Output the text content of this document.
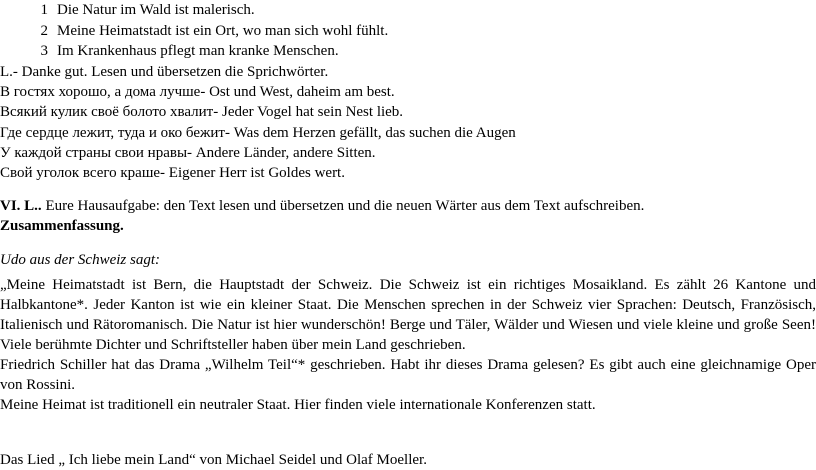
1 Die Natur im Wald ist malerisch.
2 Meine Heimatstadt ist ein Ort, wo man sich wohl fühlt.
3 Im Krankenhaus pflegt man kranke Menschen.
L.- Danke gut. Lesen und übersetzen die Sprichwörter.
В гостях хорошо, а дома лучше- Ost und West, daheim am best.
Всякий кулик своё болото хвалит- Jeder Vogel hat sein Nest lieb.
Где сердце лежит, туда и око бежит- Was dem Herzen gefällt, das suchen die Augen
У каждой страны свои нравы- Andere Länder, andere Sitten.
Свой уголок всего краше- Eigener Herr ist Goldes wert.
VI. L.. Eure Hausaufgabe: den Text lesen und übersetzen und die neuen Wärter aus dem Text aufschreiben.
Zusammenfassung.
Udo aus der Schweiz sagt:
„Meine Heimatstadt ist Bern, die Hauptstadt der Schweiz. Die Schweiz ist ein richtiges Mosaikland. Es zählt 26 Kantone und Halbkantone*. Jeder Kanton ist wie ein kleiner Staat. Die Menschen sprechen in der Schweiz vier Sprachen: Deutsch, Französisch, Italienisch und Rätoromanisch. Die Natur ist hier wunderschön! Berge und Täler, Wälder und Wiesen und viele kleine und große Seen! Viele berühmte Dichter und Schriftsteller haben über mein Land geschrieben.
Friedrich Schiller hat das Drama „Wilhelm Teil“* geschrieben. Habt ihr dieses Drama gelesen? Es gibt auch eine gleichnamige Oper von Rossini.
Meine Heimat ist traditionell ein neutraler Staat. Hier finden viele internationale Konferenzen statt.
Das Lied „ Ich liebe mein Land“ von Michael Seidel und Olaf Moeller.
